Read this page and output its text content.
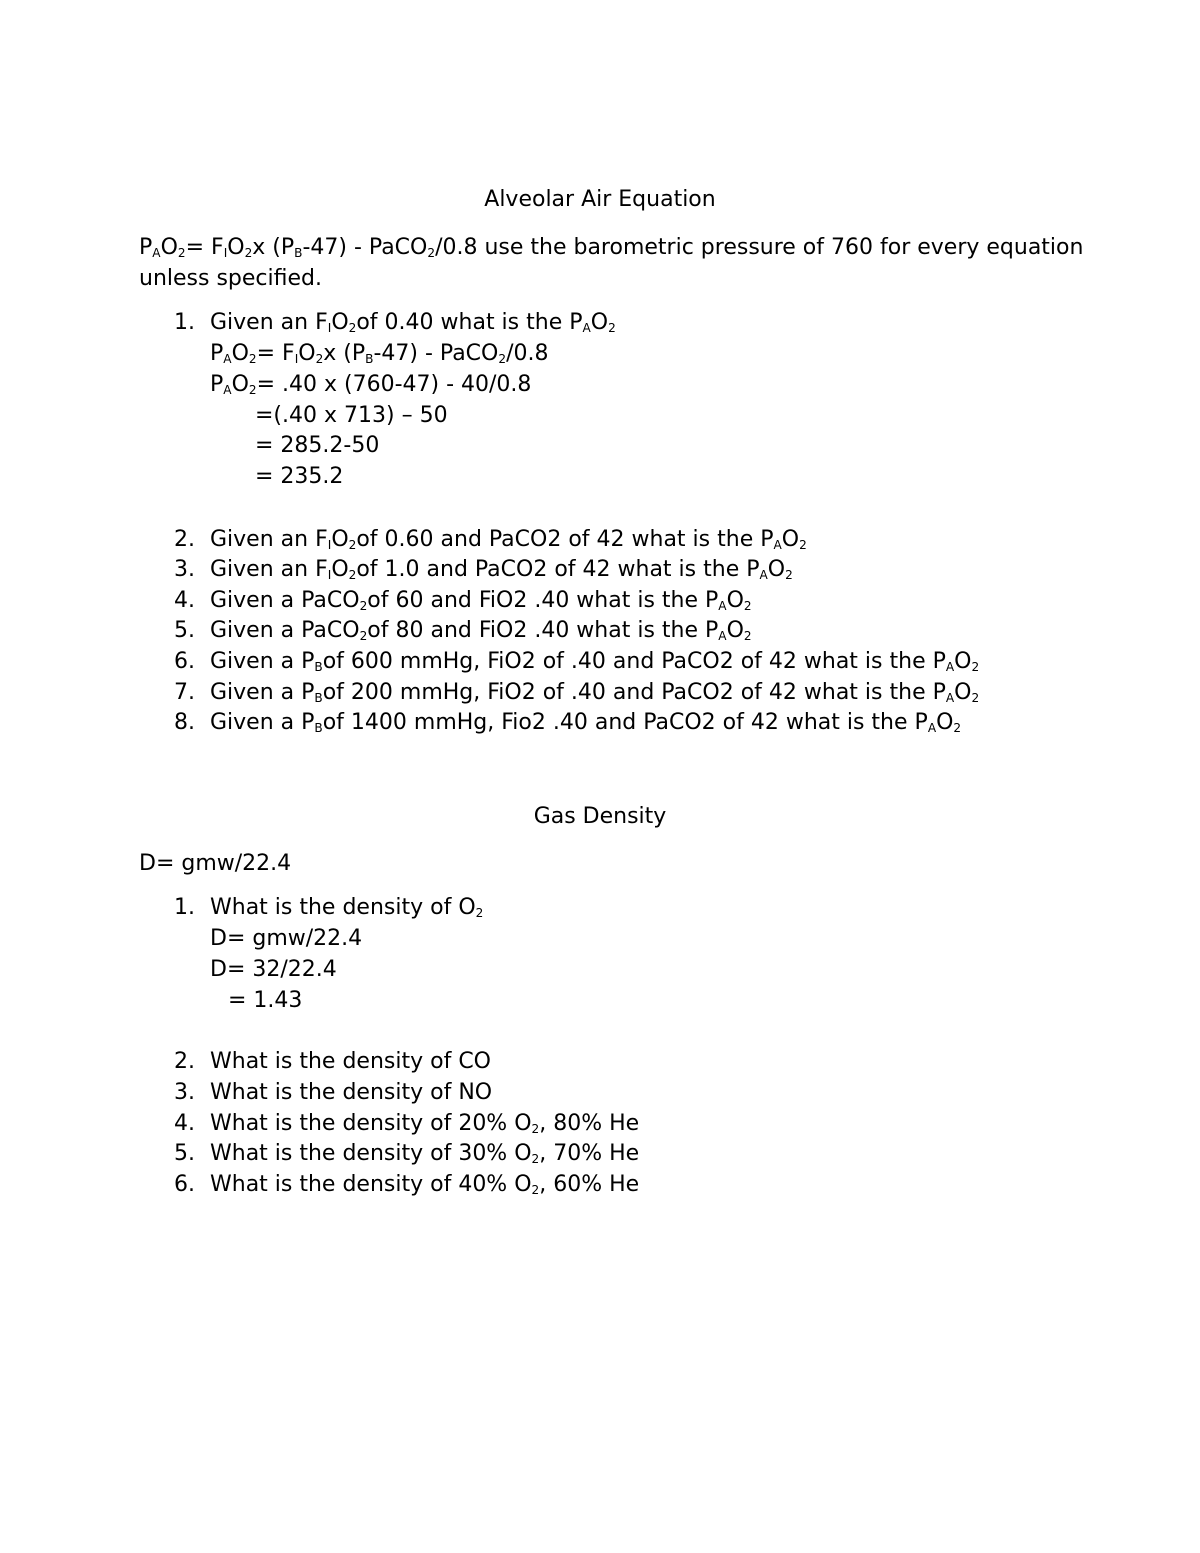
Alveolar Air Equation
$P_AO_2= F_IO_2x$ $(P_B-47)$ - PaCO$_2$/0.8 use the barometric pressure of 760 for every equation
unless specified.
1. Given an $F_IO_2of$ 0.40 what is the $P_AO_2$
$P_AO_2= F_IO_2x$ $(P_B-47)$ - PaCO$_2$/0.8
$P_AO_2= .40$ x (760-47) - 40/0.8
=(.40 x 713) – 50
= 285.2-50
= 235.2
2. Given an $F_IO_2of$ 0.60 and PaCO2 of 42 what is the $P_AO_2$
3. Given an $F_IO_2of$ 1.0 and PaCO2 of 42 what is the $P_AO_2$
4. Given a PaCO$_2$of 60 and FiO2 .40 what is the $P_AO_2$
5. Given a PaCO$_2$of 80 and FiO2 .40 what is the $P_AO_2$
6. Given a $P_Bof$ 600 mmHg, FiO2 of .40 and PaCO2 of 42 what is the $P_AO_2$
7. Given a $P_Bof$ 200 mmHg, FiO2 of .40 and PaCO2 of 42 what is the $P_AO_2$
8. Given a $P_Bof$ 1400 mmHg, Fio2 .40 and PaCO2 of 42 what is the $P_AO_2$
Gas Density
D= gmw/22.4
1. What is the density of $O_2$
D= gmw/22.4
D= 32/22.4
= 1.43
2. What is the density of CO
3. What is the density of NO
4. What is the density of 20% $O_2$, 80% He
5. What is the density of 30% $O_2$, 70% He
6. What is the density of 40% $O_2$, 60% He
